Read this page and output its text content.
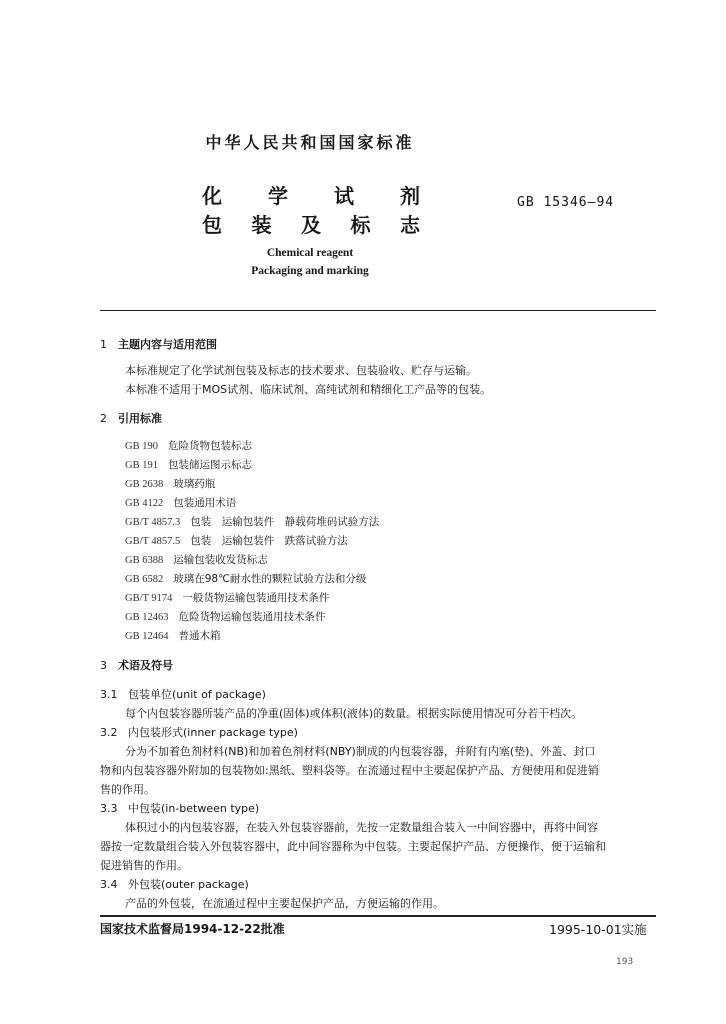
中华人民共和国国家标准
化 学 试 剂
包 装 及 标 志
GB 15346—94
Chemical reagent
Packaging and marking
1 主题内容与适用范围
本标准规定了化学试剂包装及标志的技术要求、包装验收、贮存与运输。
本标准不适用于MOS试剂、临床试剂、高纯试剂和精细化工产品等的包装。
2 引用标准
GB 190 危险货物包装标志
GB 191 包装储运图示标志
GB 2638 玻璃药瓶
GB 4122 包装通用术语
GB/T 4857.3 包装　运输包装件　静载荷堆码试验方法
GB/T 4857.5 包装　运输包装件　跌落试验方法
GB 6388 运输包装收发货标志
GB 6582 玻璃在98℃耐水性的颗粒试验方法和分级
GB/T 9174 一般货物运输包装通用技术条件
GB 12463 危险货物运输包装通用技术条件
GB 12464 普通木箱
3 术语及符号
3.1 包装单位(unit of package)
每个内包装容器所装产品的净重(固体)或体积(液体)的数量。根据实际使用情况可分若干档次。
3.2 内包装形式(inner package type)
分为不加着色剂材料(NB)和加着色剂材料(NBY)制成的内包装容器，并附有内塞(垫)、外盖、封口
物和内包装容器外附加的包装物如:黑纸、塑料袋等。在流通过程中主要起保护产品、方便使用和促进销
售的作用。
3.3 中包装(in-between type)
体积过小的内包装容器，在装入外包装容器前，先按一定数量组合装入一中间容器中，再将中间容
器按一定数量组合装入外包装容器中，此中间容器称为中包装。主要起保护产品、方便操作、便于运输和
促进销售的作用。
3.4 外包装(outer package)
产品的外包装，在流通过程中主要起保护产品，方便运输的作用。
国家技术监督局1994-12-22批准	1995-10-01实施
193
